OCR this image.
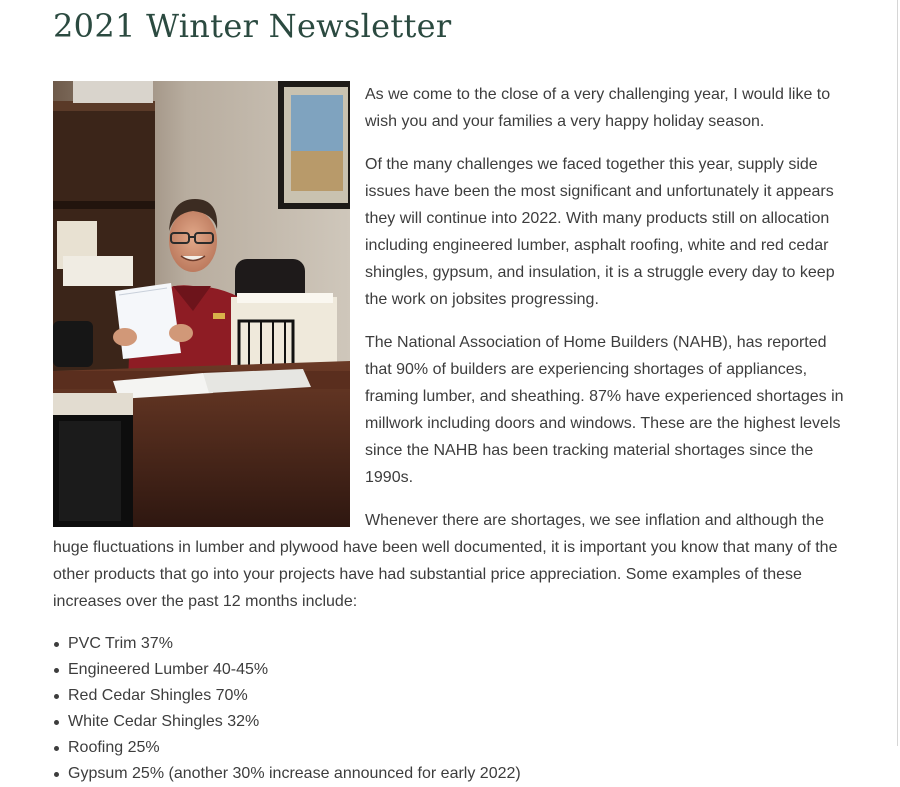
2021 Winter Newsletter

As we come to the close of a very challenging year, I would like to wish you and your families a very happy holiday season.

Of the many challenges we faced together this year, supply side issues have been the most significant and unfortunately it appears they will continue into 2022. With many products still on allocation including engineered lumber, asphalt roofing, white and red cedar shingles, gypsum, and insulation, it is a struggle every day to keep the work on jobsites progressing.

The National Association of Home Builders (NAHB), has reported that 90% of builders are experiencing shortages of appliances, framing lumber, and sheathing. 87% have experienced shortages in millwork including doors and windows. These are the highest levels since the NAHB has been tracking material shortages since the 1990s.

Whenever there are shortages, we see inflation and although the huge fluctuations in lumber and plywood have been well documented, it is important you know that many of the other products that go into your projects have had substantial price appreciation. Some examples of these increases over the past 12 months include:

PVC Trim 37%
Engineered Lumber 40-45%
Red Cedar Shingles 70%
White Cedar Shingles 32%
Roofing 25%
Gypsum 25% (another 30% increase announced for early 2022)
